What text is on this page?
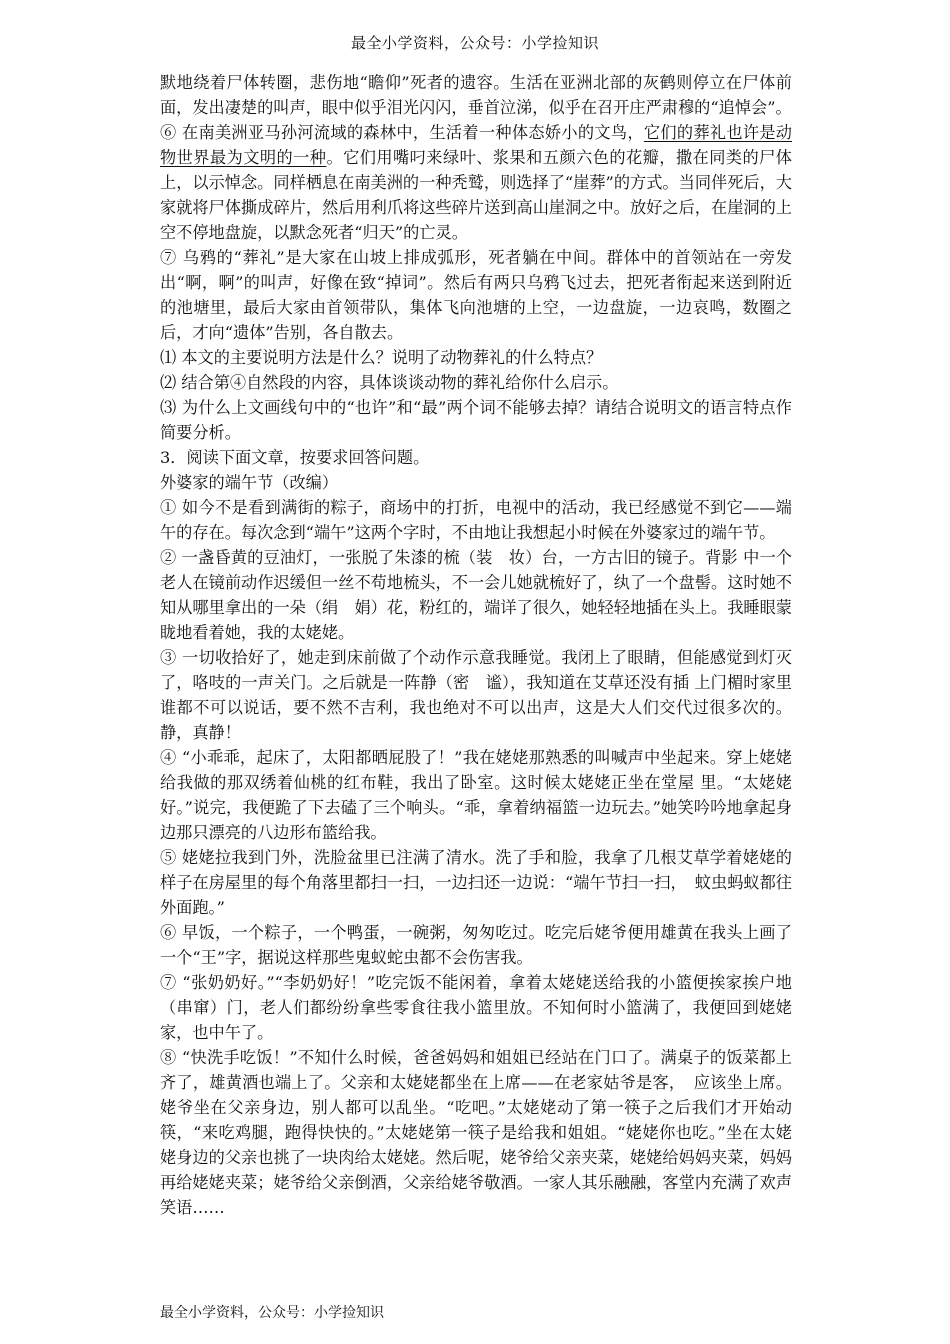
最全小学资料，公众号：小学捡知识

默地绕着尸体转圈，悲伤地“瞻仰”死者的遗容。生活在亚洲北部的灰鹤则停立在尸体前面，发出凄楚的叫声，眼中似乎泪光闪闪，垂首泣涕，似乎在召开庄严肃穆的“追悼会”。

⑥ 在南美洲亚马孙河流域的森林中，生活着一种体态娇小的文鸟，它们的葬礼也许是动物世界最为文明的一种。它们用嘴叼来绿叶、浆果和五颜六色的花瓣，撒在同类的尸体上，以示悼念。同样栖息在南美洲的一种秃鹫，则选择了“崖葬”的方式。当同伴死后，大家就将尸体撕成碎片，然后用利爪将这些碎片送到高山崖洞之中。放好之后，在崖洞的上空不停地盘旋，以默念死者“归天”的亡灵。

⑦ 乌鸦的“葬礼”是大家在山坡上排成弧形，死者躺在中间。群体中的首领站在一旁发出“啊，啊”的叫声，好像在致“掉词”。然后有两只乌鸦飞过去，把死者衔起来送到附近的池塘里，最后大家由首领带队，集体飞向池塘的上空，一边盘旋，一边哀鸣，数圈之后，才向“遗体”告别，各自散去。

⑴ 本文的主要说明方法是什么？说明了动物葬礼的什么特点？

⑵ 结合第④自然段的内容，具体谈谈动物的葬礼给你什么启示。

⑶ 为什么上文画线句中的“也许”和“最”两个词不能够去掉？请结合说明文的语言特点作简要分析。

3．阅读下面文章，按要求回答问题。

外婆家的端午节（改编）

① 如今不是看到满街的粽子，商场中的打折，电视中的活动，我已经感觉不到它——端午的存在。每次念到“端午”这两个字时，不由地让我想起小时候在外婆家过的端午节。

② 一盏昏黄的豆油灯，一张脱了朱漆的梳（装　妆）台，一方古旧的镜子。背影 中一个老人在镜前动作迟缓但一丝不苟地梳头，不一会儿她就梳好了，纨了一个盘髻。这时她不知从哪里拿出的一朵（绢　娟）花，粉红的，端详了很久，她轻轻地插在头上。我睡眼蒙眬地看着她，我的太姥姥。

③ 一切收拾好了，她走到床前做了个动作示意我睡觉。我闭上了眼睛，但能感觉到灯灭了，咯吱的一声关门。之后就是一阵静（密　谧），我知道在艾草还没有插 上门楣时家里谁都不可以说话，要不然不吉利，我也绝对不可以出声，这是大人们交代过很多次的。静，真静！

④ “小乖乖，起床了，太阳都晒屁股了！”我在姥姥那熟悉的叫喊声中坐起来。穿上姥姥给我做的那双绣着仙桃的红布鞋，我出了卧室。这时候太姥姥正坐在堂屋 里。“太姥姥好。”说完，我便跪了下去磕了三个响头。“乖，拿着纳福篮一边玩去。”她笑吟吟地拿起身边那只漂亮的八边形布篮给我。

⑤ 姥姥拉我到门外，洗脸盆里已注满了清水。洗了手和脸，我拿了几根艾草学着姥姥的样子在房屋里的每个角落里都扫一扫，一边扫还一边说：“端午节扫一扫，　蚊虫蚂蚁都往外面跑。”

⑥ 早饭，一个粽子，一个鸭蛋，一碗粥，匆匆吃过。吃完后姥爷便用雄黄在我头上画了一个“王”字，据说这样那些鬼蚁蛇虫都不会伤害我。

⑦ “张奶奶好。”“李奶奶好！”吃完饭不能闲着，拿着太姥姥送给我的小篮便挨家挨户地（串窜）门，老人们都纷纷拿些零食往我小篮里放。不知何时小篮满了，我便回到姥姥家，也中午了。

⑧ “快洗手吃饭！”不知什么时候，爸爸妈妈和姐姐已经站在门口了。满桌子的饭菜都上齐了，雄黄酒也端上了。父亲和太姥姥都坐在上席——在老家姑爷是客，　应该坐上席。姥爷坐在父亲身边，别人都可以乱坐。“吃吧。”太姥姥动了第一筷子之后我们才开始动筷，“来吃鸡腿，跑得快快的。”太姥姥第一筷子是给我和姐姐。“姥姥你也吃。”坐在太姥姥身边的父亲也挑了一块肉给太姥姥。然后呢，姥爷给父亲夹菜，姥姥给妈妈夹菜，妈妈再给姥姥夹菜；姥爷给父亲倒酒，父亲给姥爷敬酒。一家人其乐融融，客堂内充满了欢声笑语……

最全小学资料，公众号：小学捡知识
